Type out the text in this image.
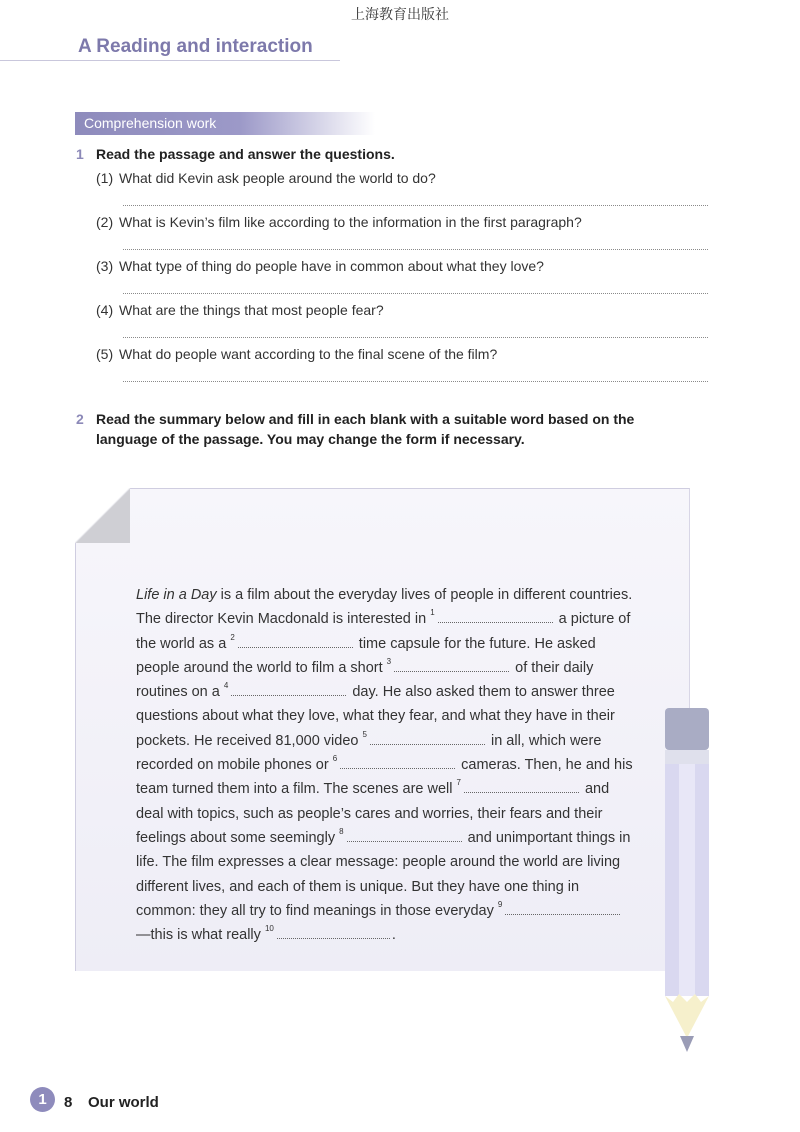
上海教育出版社
A Reading and interaction
Comprehension work
1 Read the passage and answer the questions.
(1) What did Kevin ask people around the world to do?
(2) What is Kevin’s film like according to the information in the first paragraph?
(3) What type of thing do people have in common about what they love?
(4) What are the things that most people fear?
(5) What do people want according to the final scene of the film?
2 Read the summary below and fill in each blank with a suitable word based on the
language of the passage. You may change the form if necessary.
Life in a Day is a film about the everyday lives of people in different countries. The director Kevin Macdonald is interested in $^1$	a picture of the world as a $^2$	time capsule for the future. He asked people around the world to film a short $^3$	of their daily routines on a $^4$	day. He also asked them to answer three questions about what they love, what they fear, and what they have in their pockets. He received 81,000 video $^5$	in all, which were recorded on mobile phones or $^6$	cameras. Then, he and his team turned them into a film. The scenes are well $^7$	and deal with topics, such as people’s cares and worries, their fears and their feelings about some seemingly $^8$	and unimportant things in life. The film expresses a clear message: people around the world are living different lives, and each of them is unique. But they have one thing in common: they all try to find meanings in those everyday $^9$—this is what really $^{10}$	.
1	8 Our world
